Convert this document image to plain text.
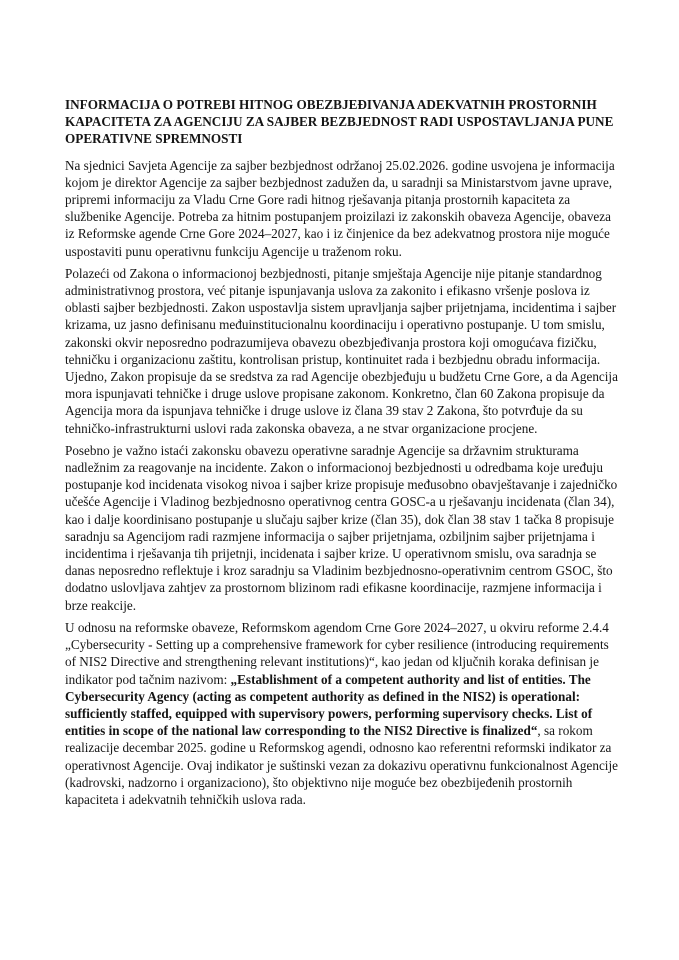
INFORMACIJA O POTREBI HITNOG OBEZBJEĐIVANJA ADEKVATNIH PROSTORNIH KAPACITETA ZA AGENCIJU ZA SAJBER BEZBJEDNOST RADI USPOSTAVLJANJA PUNE OPERATIVNE SPREMNOSTI

Na sjednici Savjeta Agencije za sajber bezbjednost održanoj 25.02.2026. godine usvojena je informacija kojom je direktor Agencije za sajber bezbjednost zadužen da, u saradnji sa Ministarstvom javne uprave, pripremi informaciju za Vladu Crne Gore radi hitnog rješavanja pitanja prostornih kapaciteta za službenike Agencije. Potreba za hitnim postupanjem proizilazi iz zakonskih obaveza Agencije, obaveza iz Reformske agende Crne Gore 2024–2027, kao i iz činjenice da bez adekvatnog prostora nije moguće uspostaviti punu operativnu funkciju Agencije u traženom roku.

Polazeći od Zakona o informacionoj bezbjednosti, pitanje smještaja Agencije nije pitanje standardnog administrativnog prostora, već pitanje ispunjavanja uslova za zakonito i efikasno vršenje poslova iz oblasti sajber bezbjednosti. Zakon uspostavlja sistem upravljanja sajber prijetnjama, incidentima i sajber krizama, uz jasno definisanu međuinstitucionalnu koordinaciju i operativno postupanje. U tom smislu, zakonski okvir neposredno podrazumijeva obavezu obezbjeđivanja prostora koji omogućava fizičku, tehničku i organizacionu zaštitu, kontrolisan pristup, kontinuitet rada i bezbjednu obradu informacija. Ujedno, Zakon propisuje da se sredstva za rad Agencije obezbjeđuju u budžetu Crne Gore, a da Agencija mora ispunjavati tehničke i druge uslove propisane zakonom. Konkretno, član 60 Zakona propisuje da Agencija mora da ispunjava tehničke i druge uslove iz člana 39 stav 2 Zakona, što potvrđuje da su tehničko-infrastrukturni uslovi rada zakonska obaveza, a ne stvar organizacione procjene.

Posebno je važno istaći zakonsku obavezu operativne saradnje Agencije sa državnim strukturama nadležnim za reagovanje na incidente. Zakon o informacionoj bezbjednosti u odredbama koje uređuju postupanje kod incidenata visokog nivoa i sajber krize propisuje međusobno obavještavanje i zajedničko učešće Agencije i Vladinog bezbjednosno operativnog centra GOSC-a u rješavanju incidenata (član 34), kao i dalje koordinisano postupanje u slučaju sajber krize (član 35), dok član 38 stav 1 tačka 8 propisuje saradnju sa Agencijom radi razmjene informacija o sajber prijetnjama, ozbiljnim sajber prijetnjama i incidentima i rješavanja tih prijetnji, incidenata i sajber krize. U operativnom smislu, ova saradnja se danas neposredno reflektuje i kroz saradnju sa Vladinim bezbjednosno-operativnim centrom GSOC, što dodatno uslovljava zahtjev za prostornom blizinom radi efikasne koordinacije, razmjene informacija i brze reakcije.

U odnosu na reformske obaveze, Reformskom agendom Crne Gore 2024–2027, u okviru reforme 2.4.4 „Cybersecurity - Setting up a comprehensive framework for cyber resilience (introducing requirements of NIS2 Directive and strengthening relevant institutions)“, kao jedan od ključnih koraka definisan je indikator pod tačnim nazivom: „Establishment of a competent authority and list of entities. The Cybersecurity Agency (acting as competent authority as defined in the NIS2) is operational: sufficiently staffed, equipped with supervisory powers, performing supervisory checks. List of entities in scope of the national law corresponding to the NIS2 Directive is finalized“, sa rokom realizacije decembar 2025. godine u Reformskog agendi, odnosno kao referentni reformski indikator za operativnost Agencije. Ovaj indikator je suštinski vezan za dokazivu operativnu funkcionalnost Agencije (kadrovski, nadzorno i organizaciono), što objektivno nije moguće bez obezbijeđenih prostornih kapaciteta i adekvatnih tehničkih uslova rada.
